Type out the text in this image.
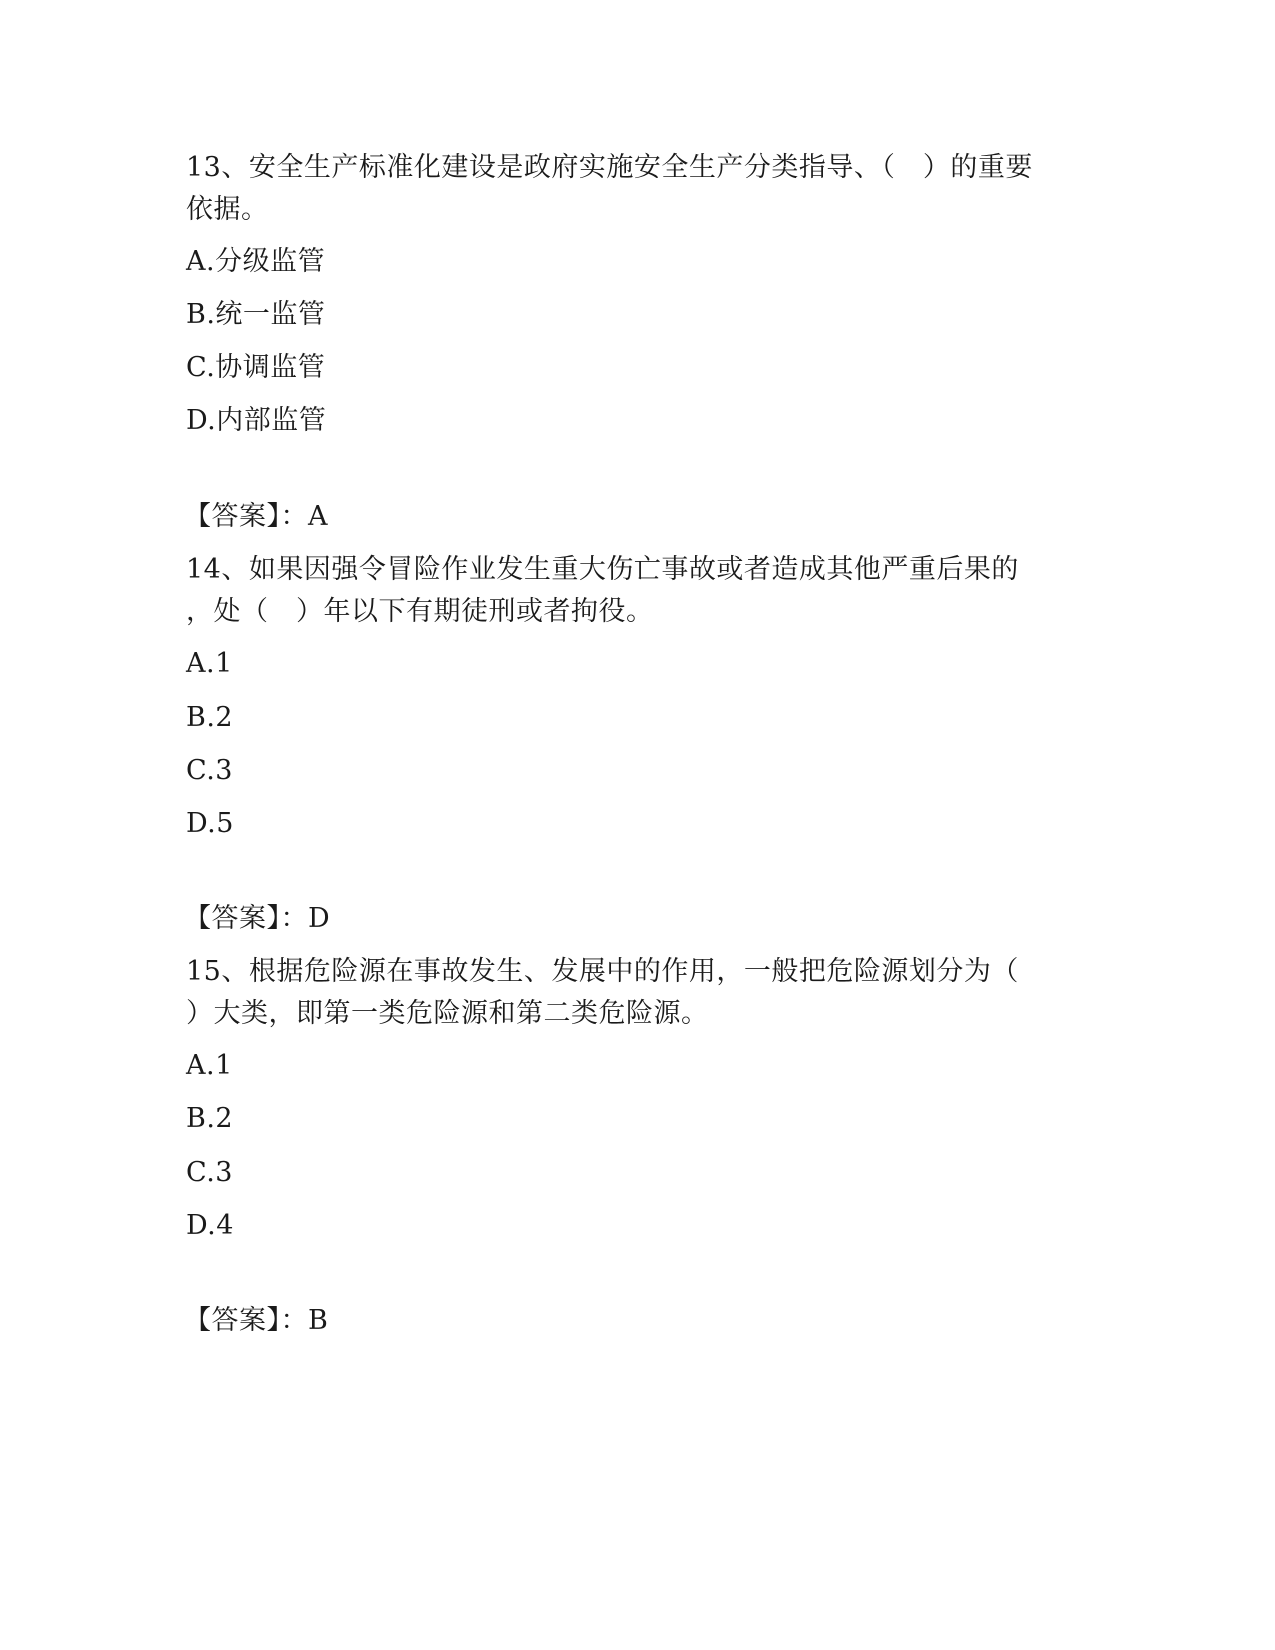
13、安全生产标准化建设是政府实施安全生产分类指导、（　）的重要
依据。
A.分级监管
B.统一监管
C.协调监管
D.内部监管
【答案】：A
14、如果因强令冒险作业发生重大伤亡事故或者造成其他严重后果的
，处（　）年以下有期徒刑或者拘役。
A.1
B.2
C.3
D.5
【答案】：D
15、根据危险源在事故发生、发展中的作用，一般把危险源划分为（
）大类，即第一类危险源和第二类危险源。
A.1
B.2
C.3
D.4
【答案】：B
